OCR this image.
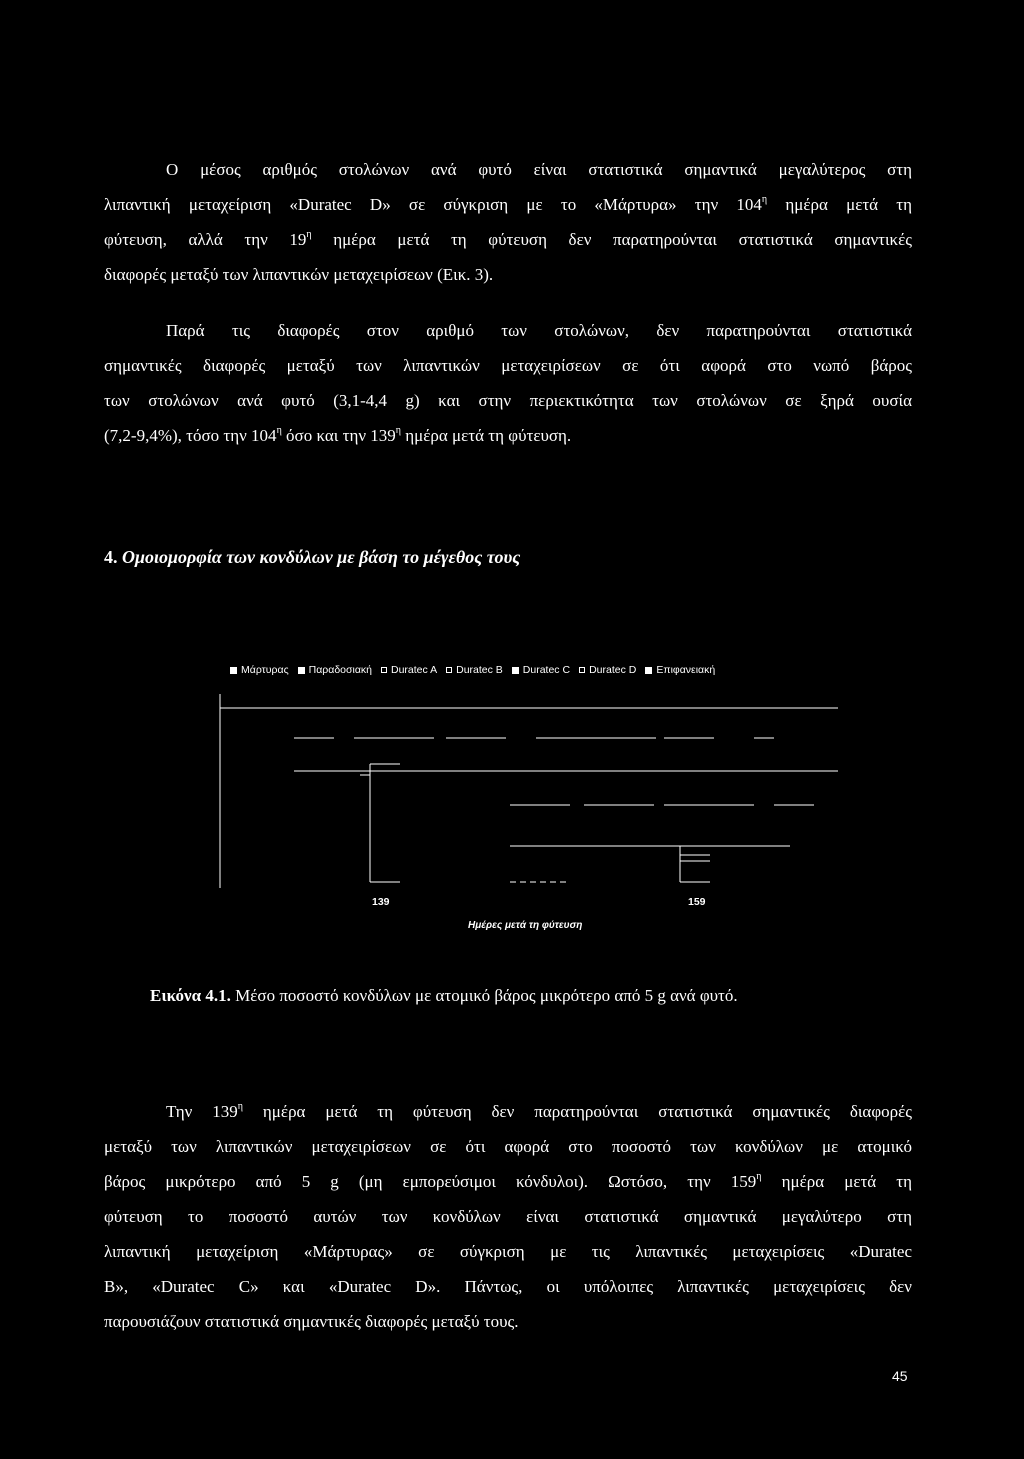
Ο μέσος αριθμός στολώνων ανά φυτό είναι στατιστικά σημαντικά μεγαλύτερος στη
λιπαντική μεταχείριση «Duratec D» σε σύγκριση με το «Μάρτυρα» την $104^\eta$ ημέρα μετά τη
φύτευση, αλλά την $19^\eta$ ημέρα μετά τη φύτευση δεν παρατηρούνται στατιστικά σημαντικές
διαφορές μεταξύ των λιπαντικών μεταχειρίσεων (Εικ. 3).
Παρά τις διαφορές στον αριθμό των στολώνων, δεν παρατηρούνται στατιστικά
σημαντικές διαφορές μεταξύ των λιπαντικών μεταχειρίσεων σε ότι αφορά στο νωπό βάρος
των στολώνων ανά φυτό (3,1-4,4 g) και στην περιεκτικότητα των στολώνων σε ξηρά ουσία
(7,2-9,4%), τόσο την $104^\eta$ όσο και την $139^\eta$ ημέρα μετά τη φύτευση.
4. Ομοιομορφία των κονδύλων με βάση το μέγεθος τους
Μάρτυρας Παραδοσιακή Duratec A Duratec B Duratec C Duratec D Επιφανειακή
139	159
Ημέρες μετά τη φύτευση

Εικόνα 4.1. Μέσο ποσοστό κονδύλων με ατομικό βάρος μικρότερο από 5 g ανά φυτό.

Την $139^\eta$ ημέρα μετά τη φύτευση δεν παρατηρούνται στατιστικά σημαντικές διαφορές
μεταξύ των λιπαντικών μεταχειρίσεων σε ότι αφορά στο ποσοστό των κονδύλων με ατομικό
βάρος μικρότερο από 5 g (μη εμπορεύσιμοι κόνδυλοι). Ωστόσο, την $159^\eta$ ημέρα μετά τη
φύτευση το ποσοστό αυτών των κονδύλων είναι στατιστικά σημαντικά μεγαλύτερο στη
λιπαντική μεταχείριση «Μάρτυρας» σε σύγκριση με τις λιπαντικές μεταχειρίσεις «Duratec
B», «Duratec C» και «Duratec D». Πάντως, οι υπόλοιπες λιπαντικές μεταχειρίσεις δεν
παρουσιάζουν στατιστικά σημαντικές διαφορές μεταξύ τους.
45
